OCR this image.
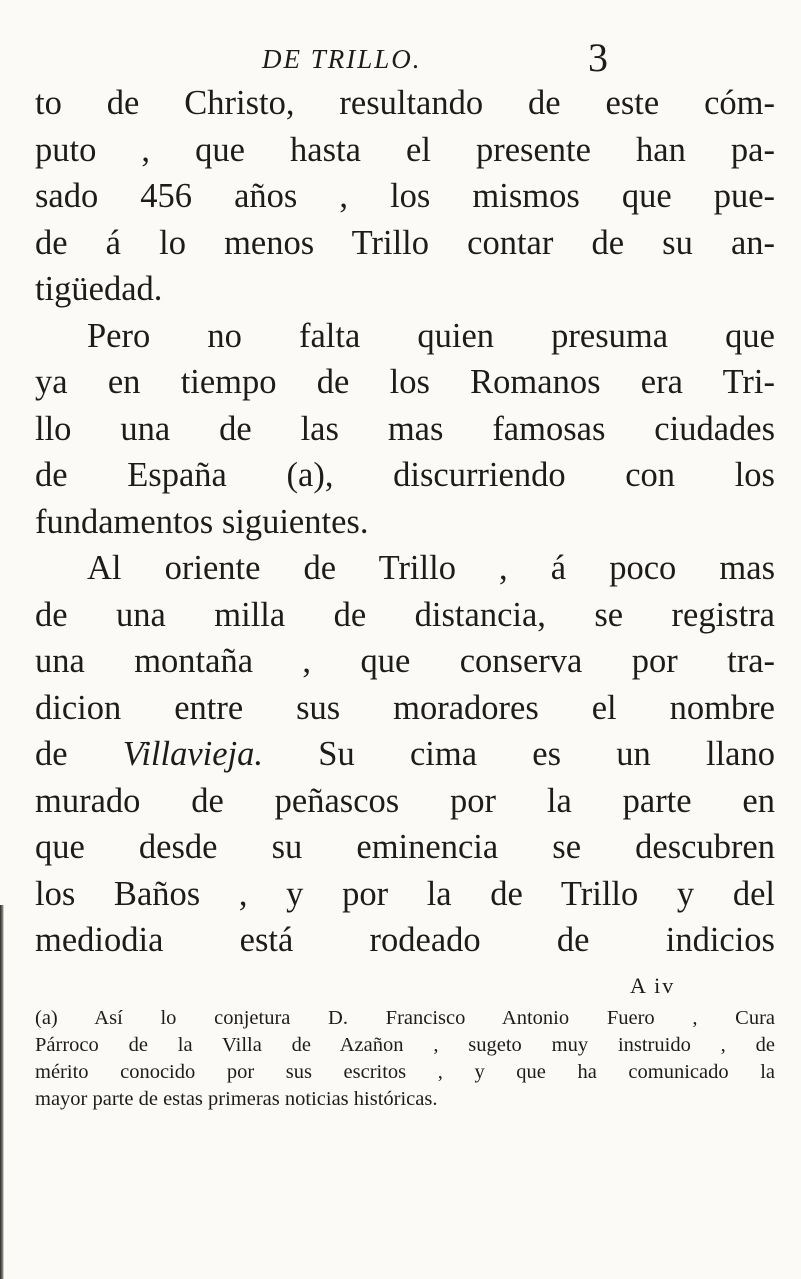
DE TRILLO.	3
to de Christo, resultando de este cóm-
puto , que hasta el presente han pa-
sado 456 años , los mismos que pue-
de á lo menos Trillo contar de su an-
tigüedad.
Pero no falta quien presuma que
ya en tiempo de los Romanos era Tri-
llo una de las mas famosas ciudades
de España (a), discurriendo con los
fundamentos siguientes.
Al oriente de Trillo , á poco mas
de una milla de distancia, se registra
una montaña , que conserva por tra-
dicion entre sus moradores el nombre
de Villavieja. Su cima es un llano
murado de peñascos por la parte en
que desde su eminencia se descubren
los Baños , y por la de Trillo y del
mediodia está rodeado de indicios
A iv
(a) Así lo conjetura D. Francisco Antonio Fuero , Cura
Párroco de la Villa de Azañon , sugeto muy instruido , de
mérito conocido por sus escritos , y que ha comunicado la
mayor parte de estas primeras noticias históricas.
